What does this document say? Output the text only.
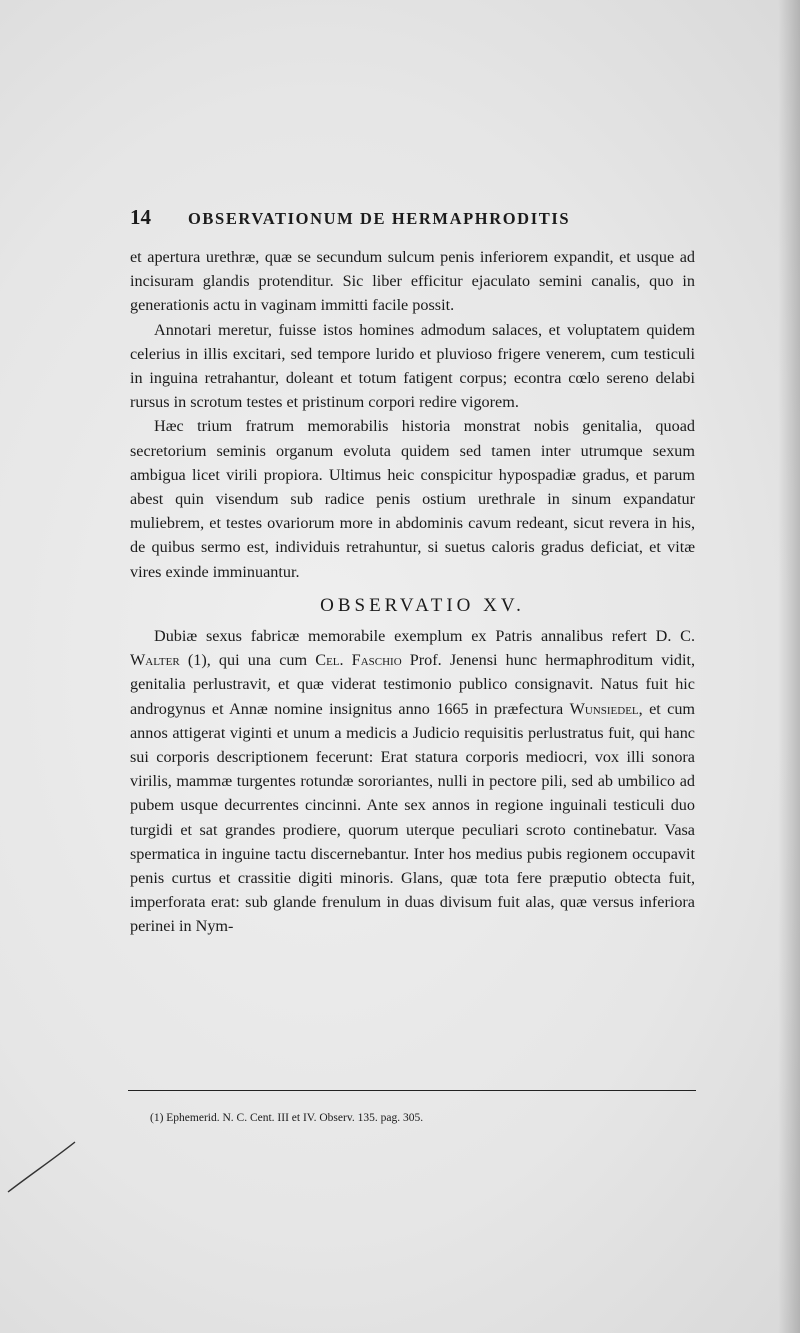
14	OBSERVATIONUM DE HERMAPHRODITIS

et apertura urethræ, quæ se secundum sulcum penis inferiorem expandit, et usque ad incisuram glandis protenditur. Sic liber efficitur ejaculato semini canalis, quo in generationis actu in vaginam immitti facile possit.

Annotari meretur, fuisse istos homines admodum salaces, et voluptatem quidem celerius in illis excitari, sed tempore lurido et pluvioso frigere venerem, cum testiculi in inguina retrahantur, doleant et totum fatigent corpus; econtra cœlo sereno delabi rursus in scrotum testes et pristinum corpori redire vigorem.

Hæc trium fratrum memorabilis historia monstrat nobis genitalia, quoad secretorium seminis organum evoluta quidem sed tamen inter utrumque sexum ambigua licet virili propiora. Ultimus heic conspicitur hypospadiæ gradus, et parum abest quin visendum sub radice penis ostium urethrale in sinum expandatur muliebrem, et testes ovariorum more in abdominis cavum redeant, sicut revera in his, de quibus sermo est, individuis retrahuntur, si suetus caloris gradus deficiat, et vitæ vires exinde imminuantur.

OBSERVATIO XV.

Dubiæ sexus fabricæ memorabile exemplum ex Patris annalibus refert D. C. Walter (1), qui una cum Cel. Faschio Prof. Jenensi hunc hermaphroditum vidit, genitalia perlustravit, et quæ viderat testimonio publico consignavit. Natus fuit hic androgynus et Annæ nomine insignitus anno 1665 in præfectura Wunsiedel, et cum annos attigerat viginti et unum a medicis a Judicio requisitis perlustratus fuit, qui hanc sui corporis descriptionem fecerunt: Erat statura corporis mediocri, vox illi sonora virilis, mammæ turgentes rotundæ sororiantes, nulli in pectore pili, sed ab umbilico ad pubem usque decurrentes cincinni. Ante sex annos in regione inguinali testiculi duo turgidi et sat grandes prodiere, quorum uterque peculiari scroto continebatur. Vasa spermatica in inguine tactu discernebantur. Inter hos medius pubis regionem occupavit penis curtus et crassitie digiti minoris. Glans, quæ tota fere præputio obtecta fuit, imperforata erat: sub glande frenulum in duas divisum fuit alas, quæ versus inferiora perinei in Nym-

(1) Ephemerid. N. C. Cent. III et IV. Observ. 135. pag. 305.
